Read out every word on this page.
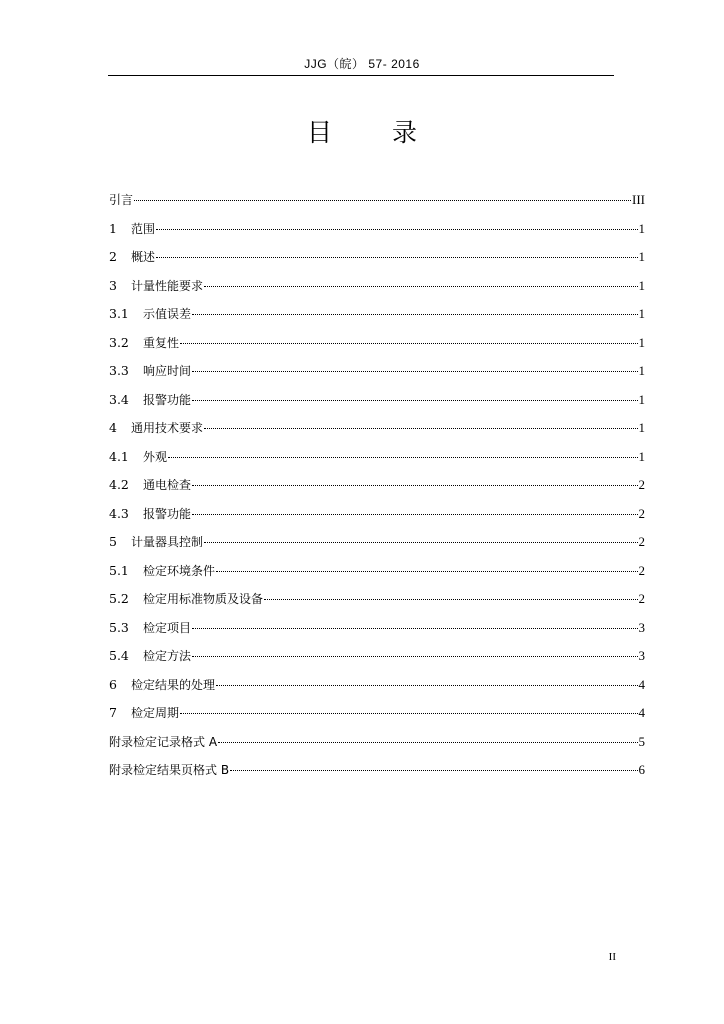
JJG（皖） 57- 2016
目 录
引言	III
1	范围	1
2	概述	1
3	计量性能要求	1
3.1	示值误差	1
3.2	重复性	1
3.3	响应时间	1
3.4	报警功能	1
4	通用技术要求	1
4.1	外观	1
4.2	通电检查	2
4.3	报警功能	2
5	计量器具控制	2
5.1	检定环境条件	2
5.2	检定用标准物质及设备	2
5.3	检定项目	3
5.4	检定方法	3
6	检定结果的处理	4
7	检定周期	4
附录检定记录格式 A	5
附录检定结果页格式 B	6
II
